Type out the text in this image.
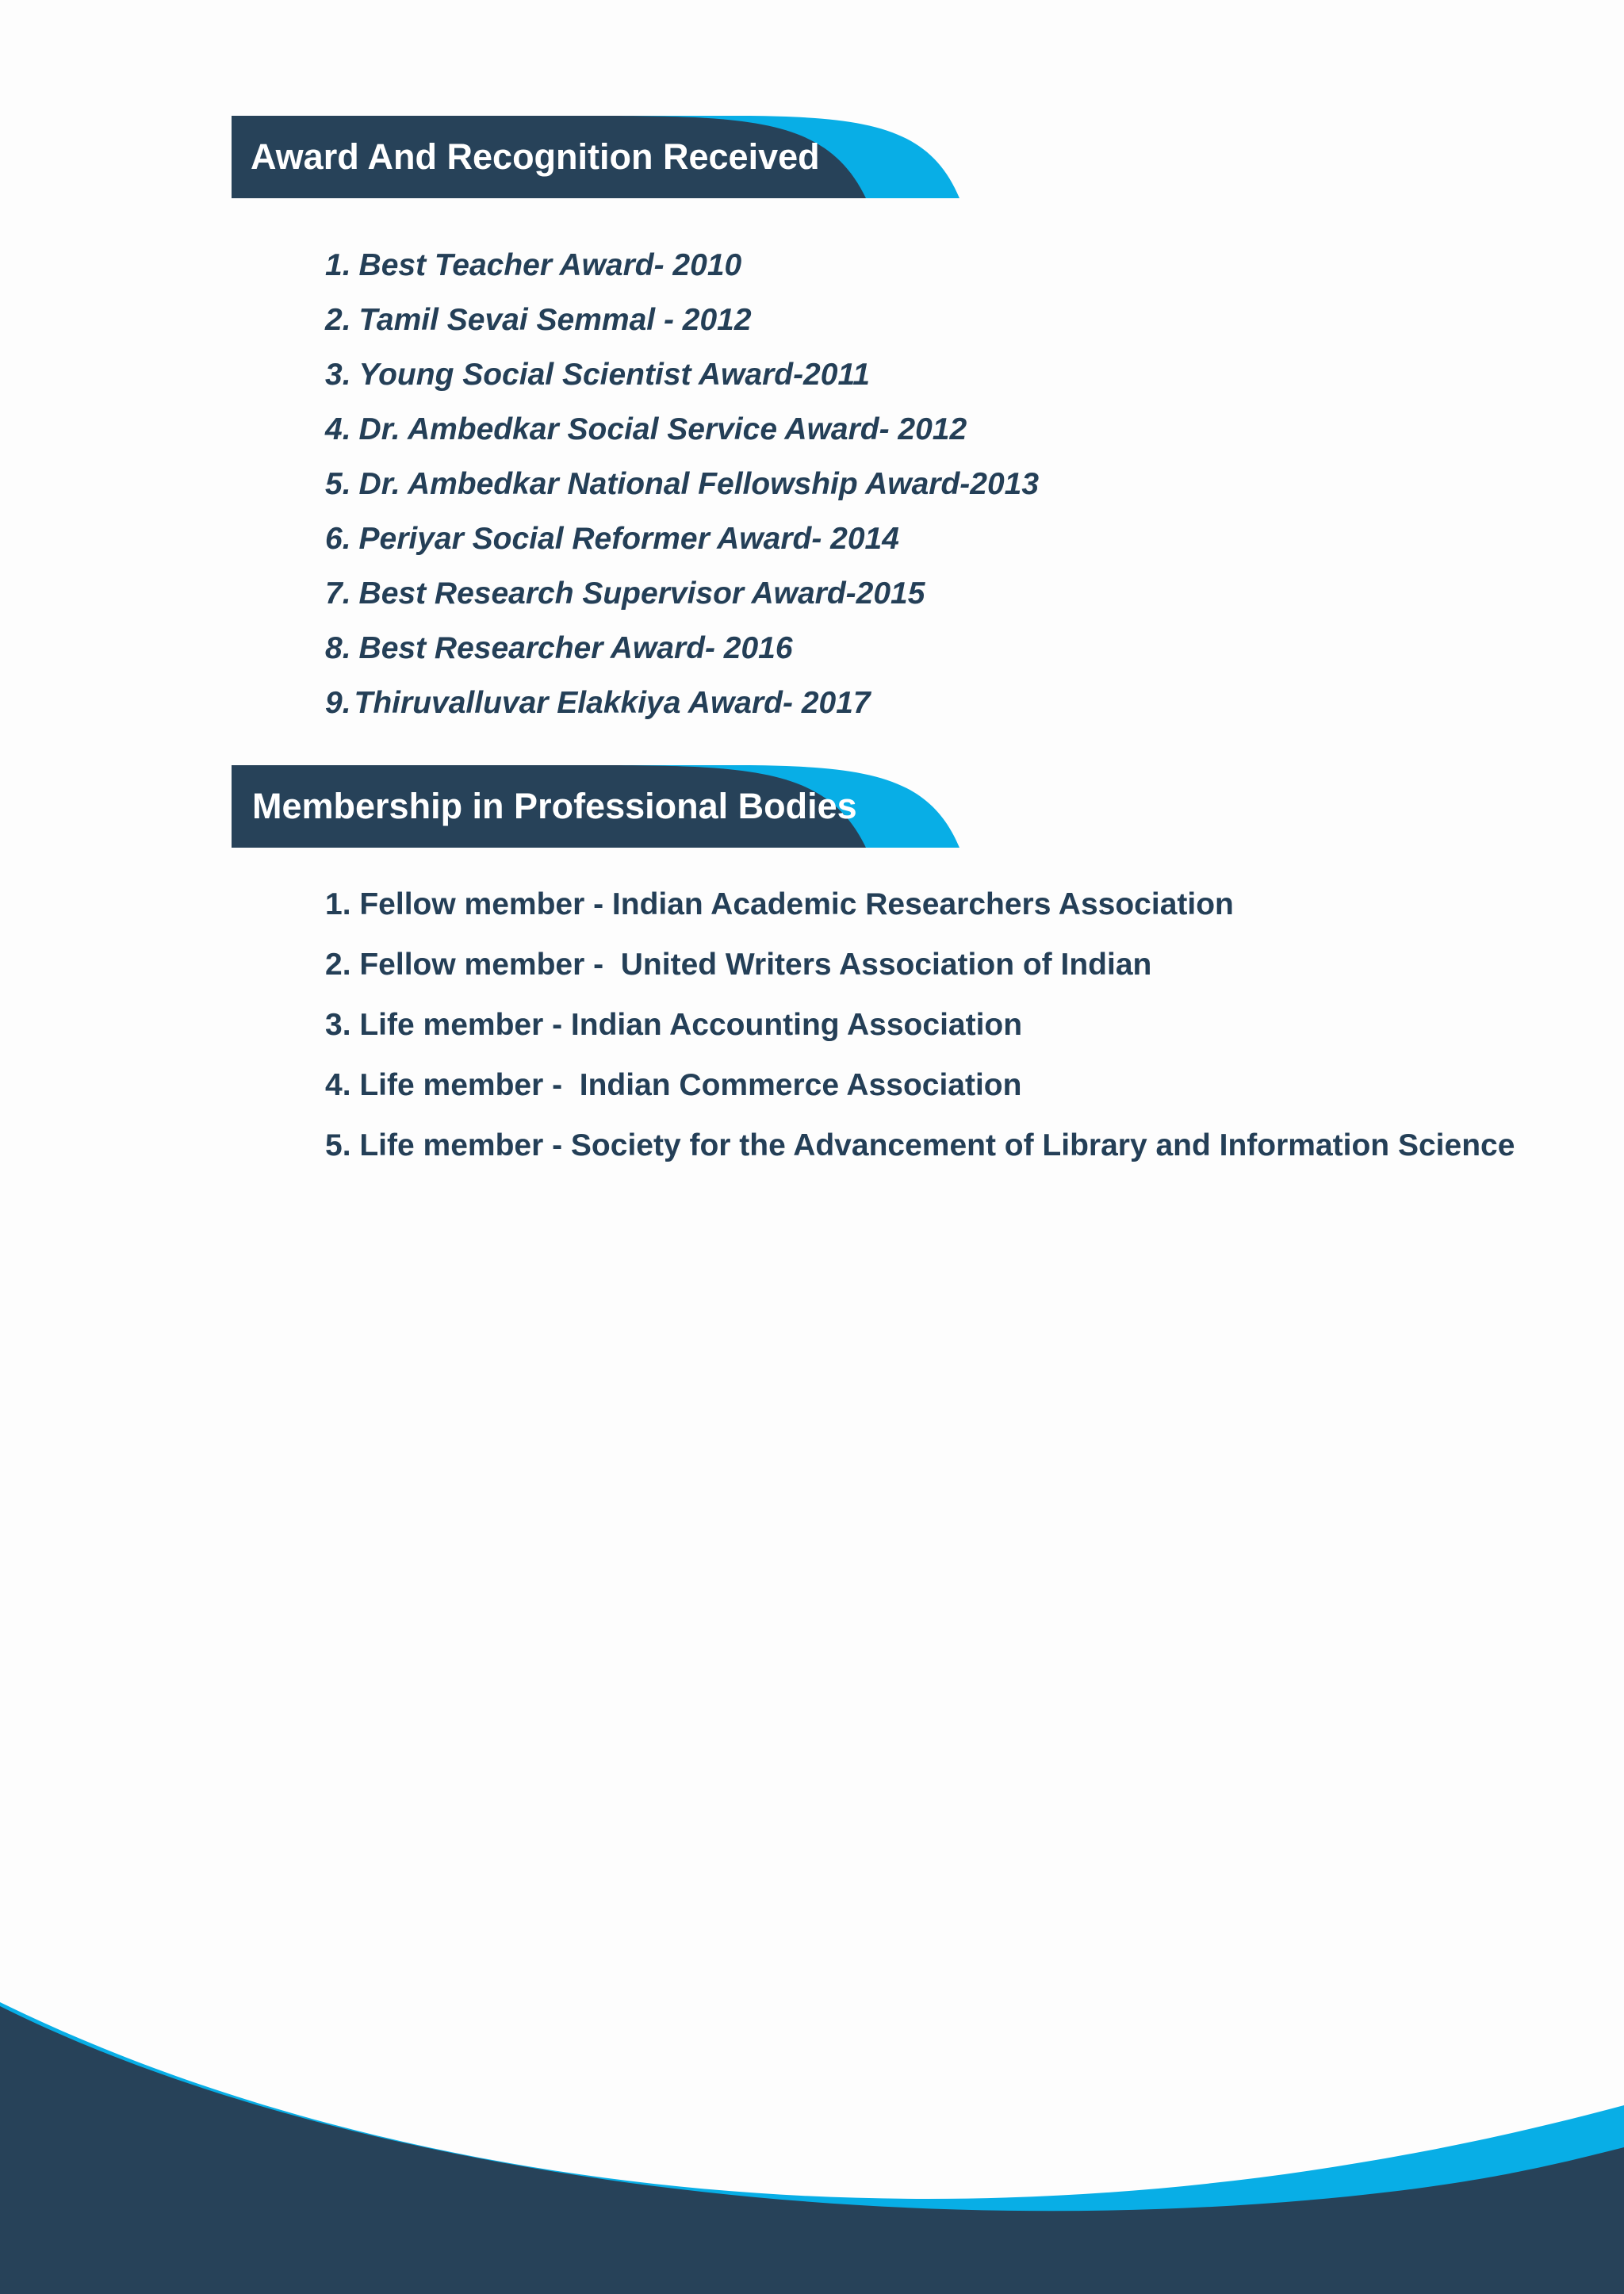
Award And Recognition Received
1. Best Teacher Award- 2010
2. Tamil Sevai Semmal - 2012
3. Young Social Scientist Award-2011
4. Dr. Ambedkar Social Service Award- 2012
5. Dr. Ambedkar National Fellowship Award-2013
6. Periyar Social Reformer Award- 2014
7. Best Research Supervisor Award-2015
8. Best Researcher Award- 2016
9. Thiruvalluvar Elakkiya Award- 2017
Membership in Professional Bodies
1. Fellow member - Indian Academic Researchers Association
2. Fellow member -  United Writers Association of Indian
3. Life member - Indian Accounting Association
4. Life member -  Indian Commerce Association
5. Life member - Society for the Advancement of Library and Information Science
